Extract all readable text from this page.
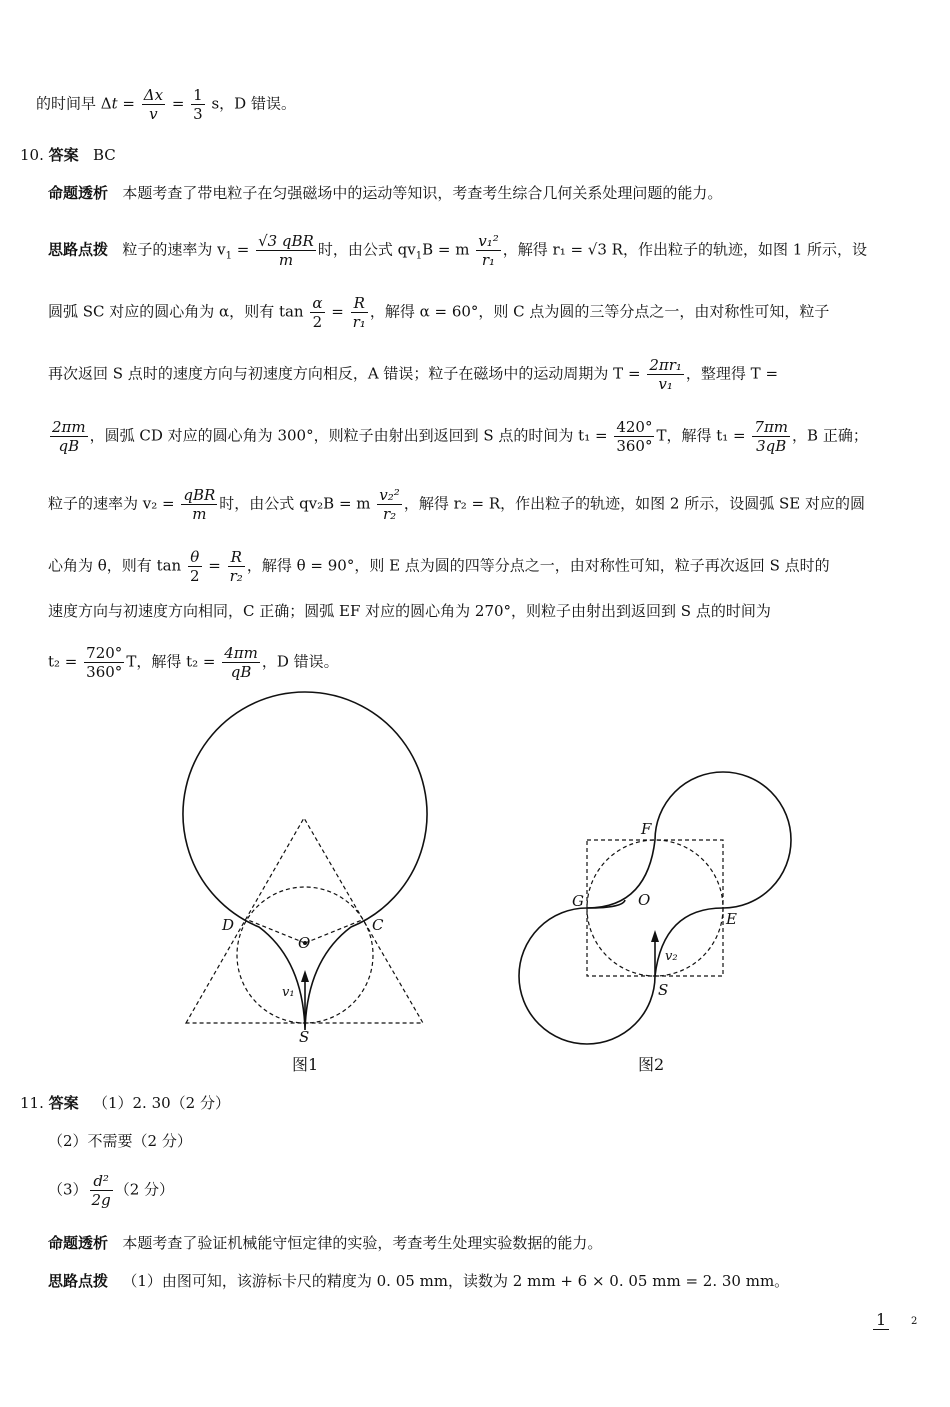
的时间早 $\Delta t = \frac{\Delta x}{v} = \frac{1}{3}$ s，D 错误。
10. 答案 BC
命题透析 本题考查了带电粒子在匀强磁场中的运动等知识，考查考生综合几何关系处理问题的能力。
思路点拨 粒子的速率为 $v_1 = \frac{\text{√3 qBR}}{m}$ 时，由公式 $qv_1B = m \frac{\text{v₁²}}{\text{r₁}}$ ，解得 r₁ = √3 R，作出粒子的轨迹，如图 1 所示，设
圆弧 SC 对应的圆心角为 α，则有 $\tan \frac{\alpha}{2} = \frac{R}{\text{r₁}}$ ，解得 α = 60°，则 C 点为圆的三等分点之一，由对称性可知，粒子
再次返回 S 点时的速度方向与初速度方向相反，A 错误；粒子在磁场中的运动周期为 $T = \frac{\text{2πr₁}}{\text{v₁}}$ ，整理得 T =
$\frac{2\pi m}{qB}$ ，圆弧 CD 对应的圆心角为 300°，则粒子由射出到返回到 S 点的时间为 $t_1 = \frac{420^\circ}{360^\circ}$ T，解得 $t_1 = \frac{7\pi m}{3qB}$ ，B 正确；
粒子的速率为 $v_2 = \frac{\text{qBR}}{m}$ 时，由公式 qv₂B = m $\frac{\text{v₂²}}{\text{r₂}}$ ，解得 r₂ = R，作出粒子的轨迹，如图 2 所示，设圆弧 SE 对应的圆
心角为 θ，则有 $\tan \frac{\theta}{2} = \frac{R}{\text{r₂}}$ ，解得 θ = 90°，则 E 点为圆的四等分点之一，由对称性可知，粒子再次返回 S 点时的
速度方向与初速度方向相同，C 正确；圆弧 EF 对应的圆心角为 270°，则粒子由射出到返回到 S 点的时间为
$t_2 = \frac{720^\circ}{360^\circ}$ T，解得 $t_2 = \frac{4\pi m}{qB}$ ，D 错误。
D	C
O
S
v₁
图1
F
G	O
E
S
v₂
图2
11. 答案 （1）2. 30（2 分）
（2）不需要（2 分）
$(3) \frac{\text{d²}}{2g} (2$ 分）
命题透析 本题考查了验证机械能守恒定律的实验，考查考生处理实验数据的能力。
思路点拨 （1）由图可知，该游标卡尺的精度为 0. 05 mm，读数为 2 mm + 6 × 0. 05 mm = 2. 30 mm。
1	2
